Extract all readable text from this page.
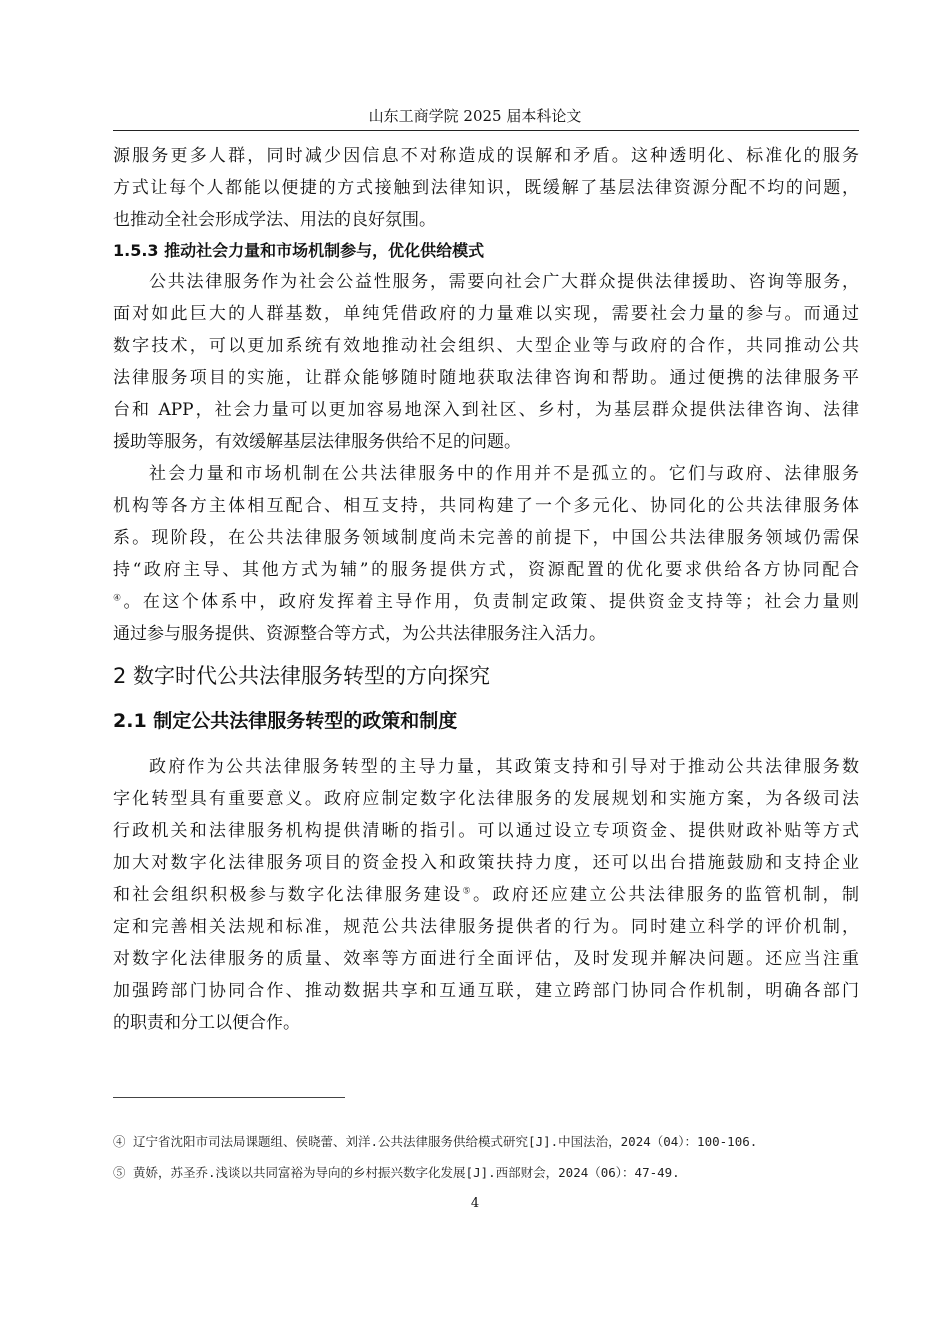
山东工商学院 2025 届本科论文
源服务更多人群，同时减少因信息不对称造成的误解和矛盾。这种透明化、标准化的服务
方式让每个人都能以便捷的方式接触到法律知识，既缓解了基层法律资源分配不均的问题，
也推动全社会形成学法、用法的良好氛围。
1.5.3 推动社会力量和市场机制参与，优化供给模式
公共法律服务作为社会公益性服务，需要向社会广大群众提供法律援助、咨询等服务，
面对如此巨大的人群基数，单纯凭借政府的力量难以实现，需要社会力量的参与。而通过
数字技术，可以更加系统有效地推动社会组织、大型企业等与政府的合作，共同推动公共
法律服务项目的实施，让群众能够随时随地获取法律咨询和帮助。通过便携的法律服务平
台和 APP，社会力量可以更加容易地深入到社区、乡村，为基层群众提供法律咨询、法律
援助等服务，有效缓解基层法律服务供给不足的问题。
社会力量和市场机制在公共法律服务中的作用并不是孤立的。它们与政府、法律服务
机构等各方主体相互配合、相互支持，共同构建了一个多元化、协同化的公共法律服务体
系。现阶段，在公共法律服务领域制度尚未完善的前提下，中国公共法律服务领域仍需保
持“政府主导、其他方式为辅”的服务提供方式，资源配置的优化要求供给各方协同配合
④。在这个体系中，政府发挥着主导作用，负责制定政策、提供资金支持等；社会力量则
通过参与服务提供、资源整合等方式，为公共法律服务注入活力。
2 数字时代公共法律服务转型的方向探究
2.1 制定公共法律服务转型的政策和制度
政府作为公共法律服务转型的主导力量，其政策支持和引导对于推动公共法律服务数
字化转型具有重要意义。政府应制定数字化法律服务的发展规划和实施方案，为各级司法
行政机关和法律服务机构提供清晰的指引。可以通过设立专项资金、提供财政补贴等方式
加大对数字化法律服务项目的资金投入和政策扶持力度，还可以出台措施鼓励和支持企业
和社会组织积极参与数字化法律服务建设⑤。政府还应建立公共法律服务的监管机制，制
定和完善相关法规和标准，规范公共法律服务提供者的行为。同时建立科学的评价机制，
对数字化法律服务的质量、效率等方面进行全面评估，及时发现并解决问题。还应当注重
加强跨部门协同合作、推动数据共享和互通互联，建立跨部门协同合作机制，明确各部门
的职责和分工以便合作。
④ 辽宁省沈阳市司法局课题组、侯晓蕾、刘洋.公共法律服务供给模式研究[J].中国法治，2024（04）：100-106.
⑤ 黄娇，苏圣乔.浅谈以共同富裕为导向的乡村振兴数字化发展[J].西部财会，2024（06）：47-49.
4
